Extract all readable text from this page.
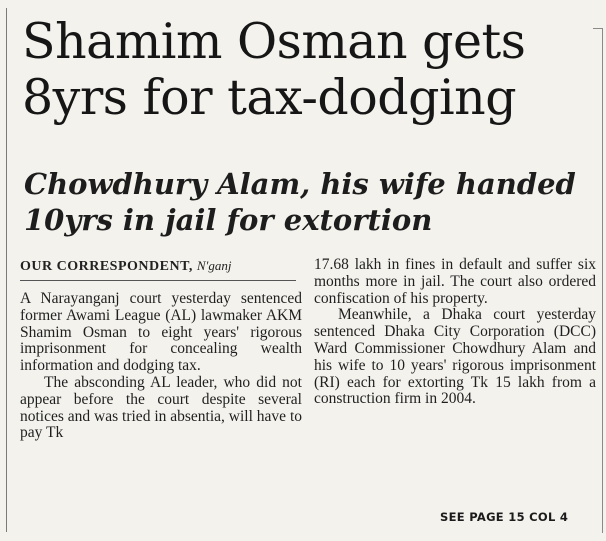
Shamim Osman gets 8yrs for tax-dodging
Chowdhury Alam, his wife handed 10yrs in jail for extortion
OUR CORRESPONDENT, N'ganj

A Narayanganj court yesterday sentenced former Awami League (AL) lawmaker AKM Shamim Osman to eight years' rigorous imprisonment for concealing wealth information and dodging tax.

The absconding AL leader, who did not appear before the court despite several notices and was tried in absentia, will have to pay Tk

17.68 lakh in fines in default and suffer six months more in jail. The court also ordered confiscation of his property.

Meanwhile, a Dhaka court yesterday sentenced Dhaka City Corporation (DCC) Ward Commissioner Chowdhury Alam and his wife to 10 years' rigorous imprisonment (RI) each for extorting Tk 15 lakh from a construction firm in 2004.

SEE PAGE 15 COL 4
